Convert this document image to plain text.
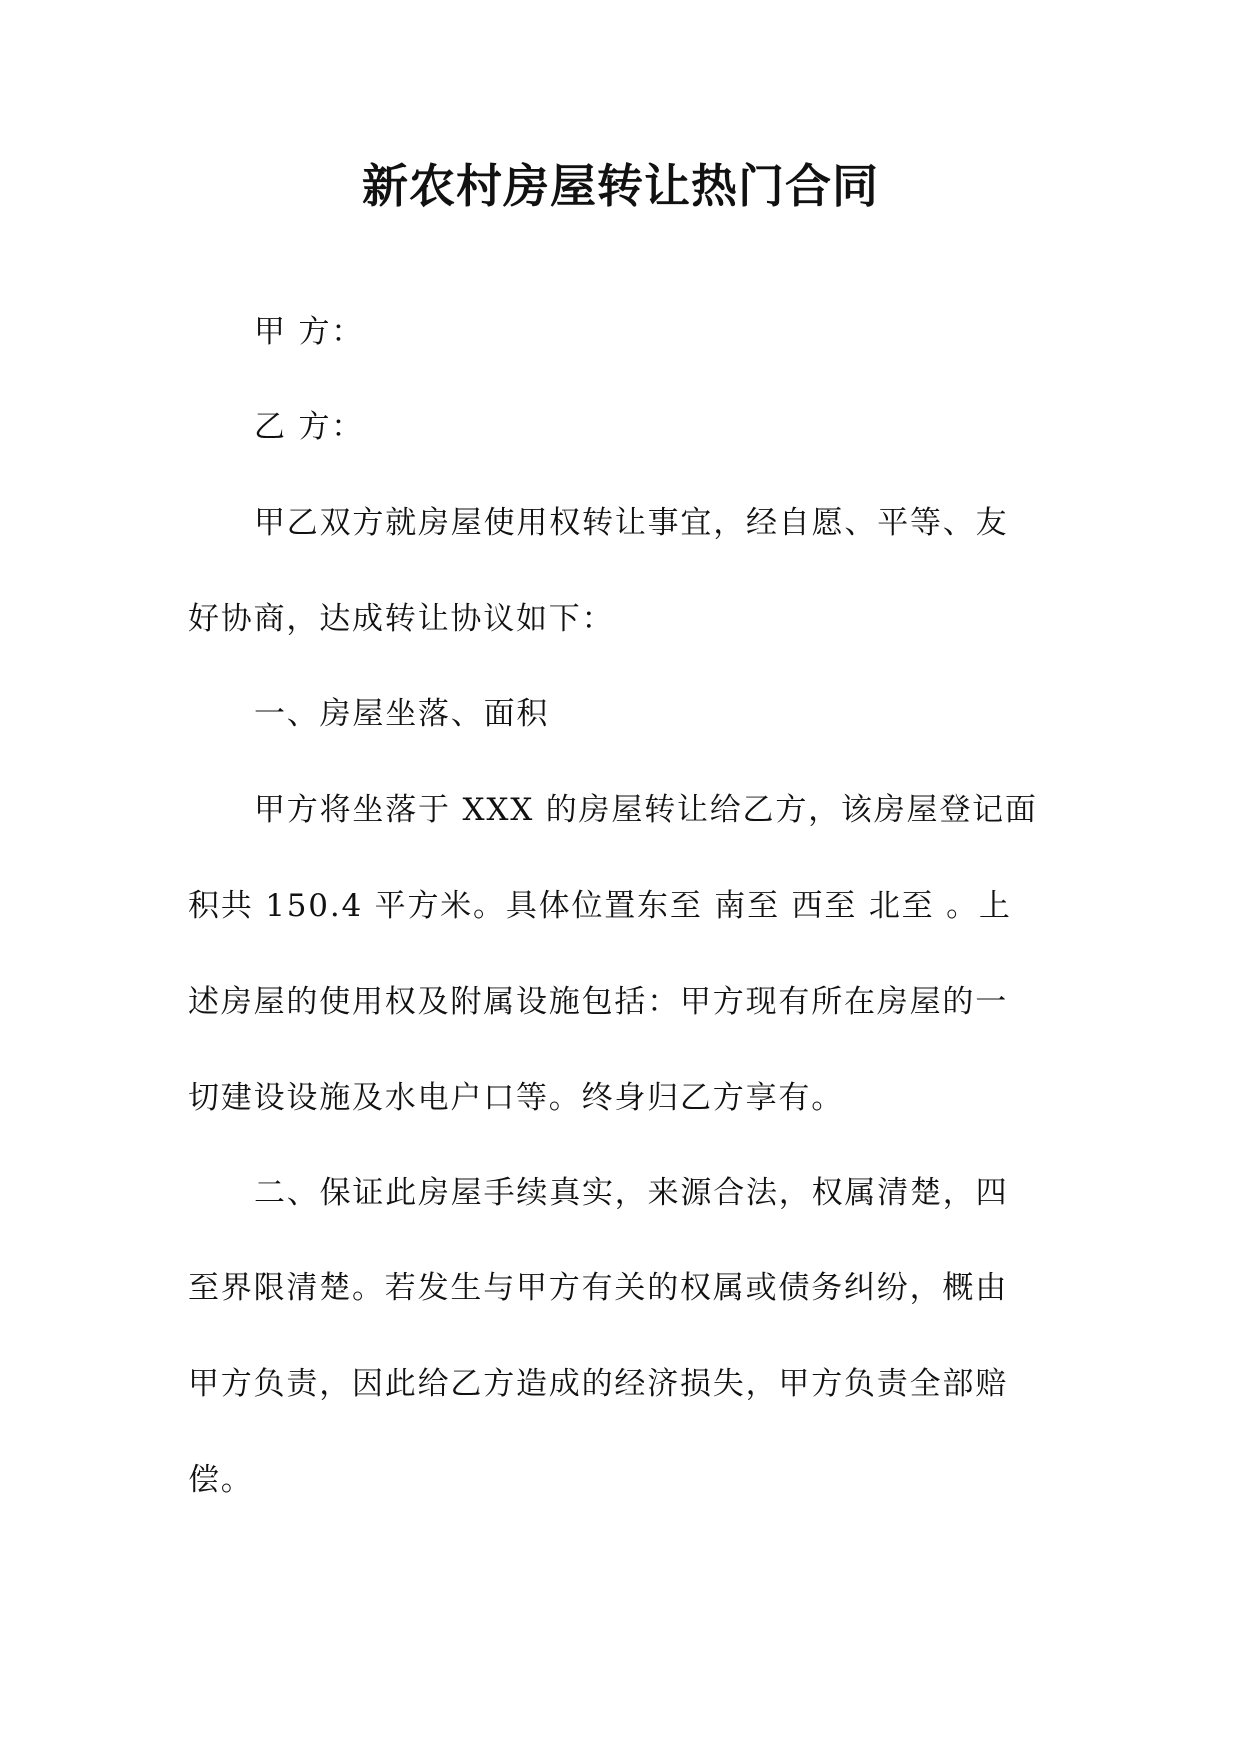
新农村房屋转让热门合同
甲 方：
乙 方：
甲乙双方就房屋使用权转让事宜，经自愿、平等、友
好协商，达成转让协议如下：
一、房屋坐落、面积
甲方将坐落于 XXX 的房屋转让给乙方，该房屋登记面
积共 150.4 平方米。具体位置东至 南至 西至 北至 。上
述房屋的使用权及附属设施包括：甲方现有所在房屋的一
切建设设施及水电户口等。终身归乙方享有。
二、保证此房屋手续真实，来源合法，权属清楚，四
至界限清楚。若发生与甲方有关的权属或债务纠纷，概由
甲方负责，因此给乙方造成的经济损失，甲方负责全部赔
偿。
